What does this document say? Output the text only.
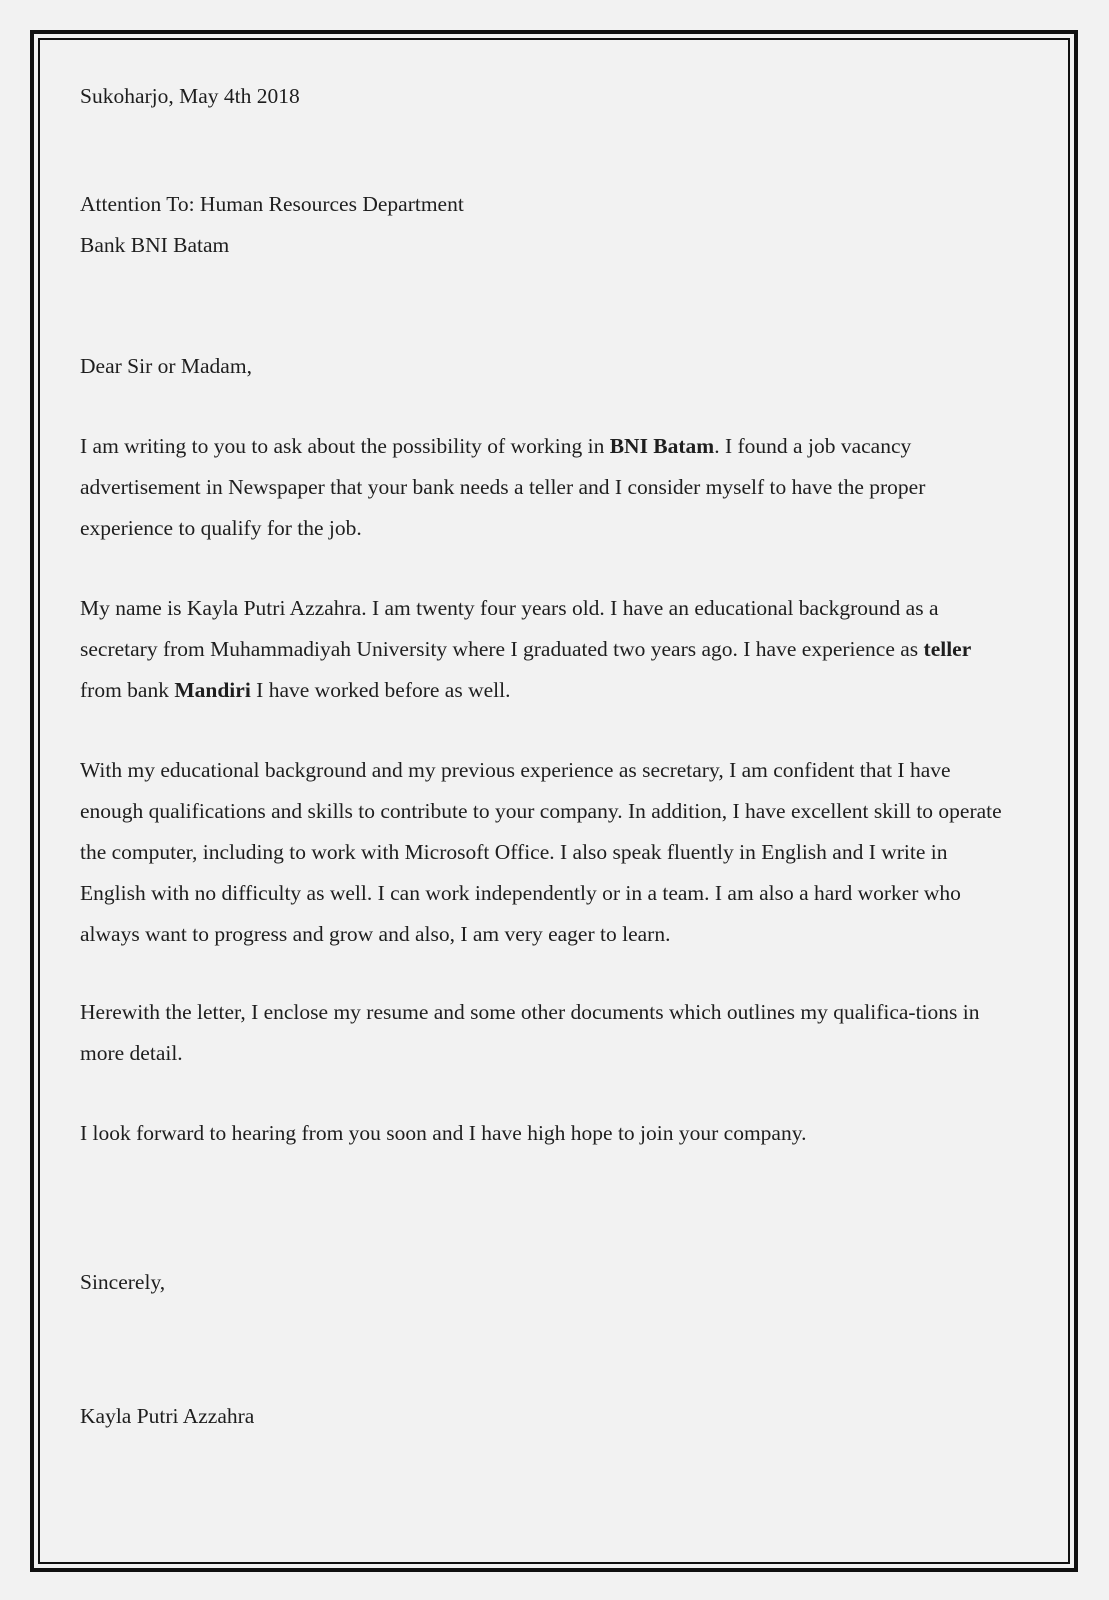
Sukoharjo, May 4th 2018
Attention To: Human Resources Department
Bank BNI Batam
Dear Sir or Madam,
I am writing to you to ask about the possibility of working in BNI Batam. I found a job vacancy advertisement in Newspaper that your bank needs a teller and I consider myself to have the proper experience to qualify for the job.
My name is Kayla Putri Azzahra. I am twenty four years old. I have an educational background as a secretary from Muhammadiyah University where I graduated two years ago. I have experience as teller from bank Mandiri I have worked before as well.
With my educational background and my previous experience as secretary, I am confident that I have enough qualifications and skills to contribute to your company. In addition, I have excellent skill to operate the computer, including to work with Microsoft Office. I also speak fluently in English and I write in English with no difficulty as well. I can work independently or in a team. I am also a hard worker who always want to progress and grow and also, I am very eager to learn.
Herewith the letter, I enclose my resume and some other documents which outlines my qualifica-tions in more detail.
I look forward to hearing from you soon and I have high hope to join your company.
Sincerely,
Kayla Putri Azzahra
